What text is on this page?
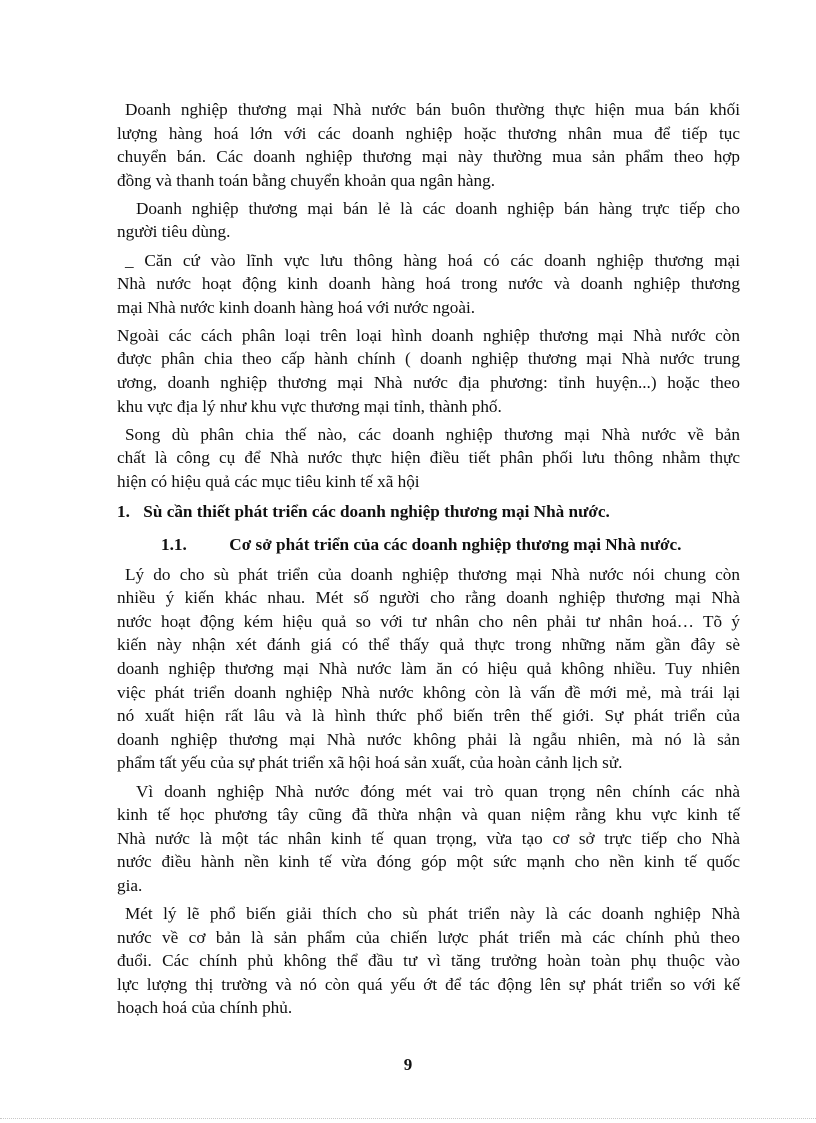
Doanh nghiệp thương mại Nhà nước bán buôn thường thực hiện mua bán khối
lượng hàng hoá lớn với các doanh nghiệp hoặc thương nhân mua để tiếp tục
chuyển bán. Các doanh nghiệp thương mại này thường mua sản phẩm theo hợp
đồng và thanh toán bằng chuyển khoản qua ngân hàng.
Doanh nghiệp thương mại bán lẻ là các doanh nghiệp bán hàng trực tiếp cho
người tiêu dùng.
_ Căn cứ vào lĩnh vực lưu thông hàng hoá có các doanh nghiệp thương mại
Nhà nước hoạt động kinh doanh hàng hoá trong nước và doanh nghiệp thương
mại Nhà nước kinh doanh hàng hoá với nước ngoài.
Ngoài các cách phân loại trên loại hình doanh nghiệp thương mại Nhà nước còn
được phân chia theo cấp hành chính ( doanh nghiệp thương mại Nhà nước trung
ương, doanh nghiệp thương mại Nhà nước địa phương: tỉnh huyện...) hoặc theo
khu vực địa lý như khu vực thương mại tỉnh, thành phố.
Song dù phân chia thế nào, các doanh nghiệp thương mại Nhà nước về bản
chất là công cụ để Nhà nước thực hiện điều tiết phân phối lưu thông nhằm thực
hiện có hiệu quả các mục tiêu kinh tế xã hội
1. Sù cần thiết phát triển các doanh nghiệp thương mại Nhà nước.
1.1. Cơ sở phát triển của các doanh nghiệp thương mại Nhà nước.
Lý do cho sù phát triển của doanh nghiệp thương mại Nhà nước nói chung còn
nhiều ý kiến khác nhau. Mét số người cho rằng doanh nghiệp thương mại Nhà
nước hoạt động kém hiệu quả so với tư nhân cho nên phải tư nhân hoá… Tõ ý
kiến này nhận xét đánh giá có thể thấy quả thực trong những năm gần đây sè
doanh nghiệp thương mại Nhà nước làm ăn có hiệu quả không nhiều. Tuy nhiên
việc phát triển doanh nghiệp Nhà nước không còn là vấn đề mới mẻ, mà trái lại
nó xuất hiện rất lâu và là hình thức phổ biến trên thế giới. Sự phát triển của
doanh nghiệp thương mại Nhà nước không phải là ngẫu nhiên, mà nó là sản
phẩm tất yếu của sự phát triển xã hội hoá sản xuất, của hoàn cảnh lịch sử.
Vì doanh nghiệp Nhà nước đóng mét vai trò quan trọng nên chính các nhà
kinh tế học phương tây cũng đã thừa nhận và quan niệm rằng khu vực kinh tế
Nhà nước là một tác nhân kinh tế quan trọng, vừa tạo cơ sở trực tiếp cho Nhà
nước điều hành nền kinh tế vừa đóng góp một sức mạnh cho nền kinh tế quốc
gia.
Mét lý lẽ phổ biến giải thích cho sù phát triển này là các doanh nghiệp Nhà
nước về cơ bản là sản phẩm của chiến lược phát triển mà các chính phủ theo
đuổi. Các chính phủ không thể đầu tư vì tăng trưởng hoàn toàn phụ thuộc vào
lực lượng thị trường và nó còn quá yếu ớt để tác động lên sự phát triển so với kế
hoạch hoá của chính phủ.
9
